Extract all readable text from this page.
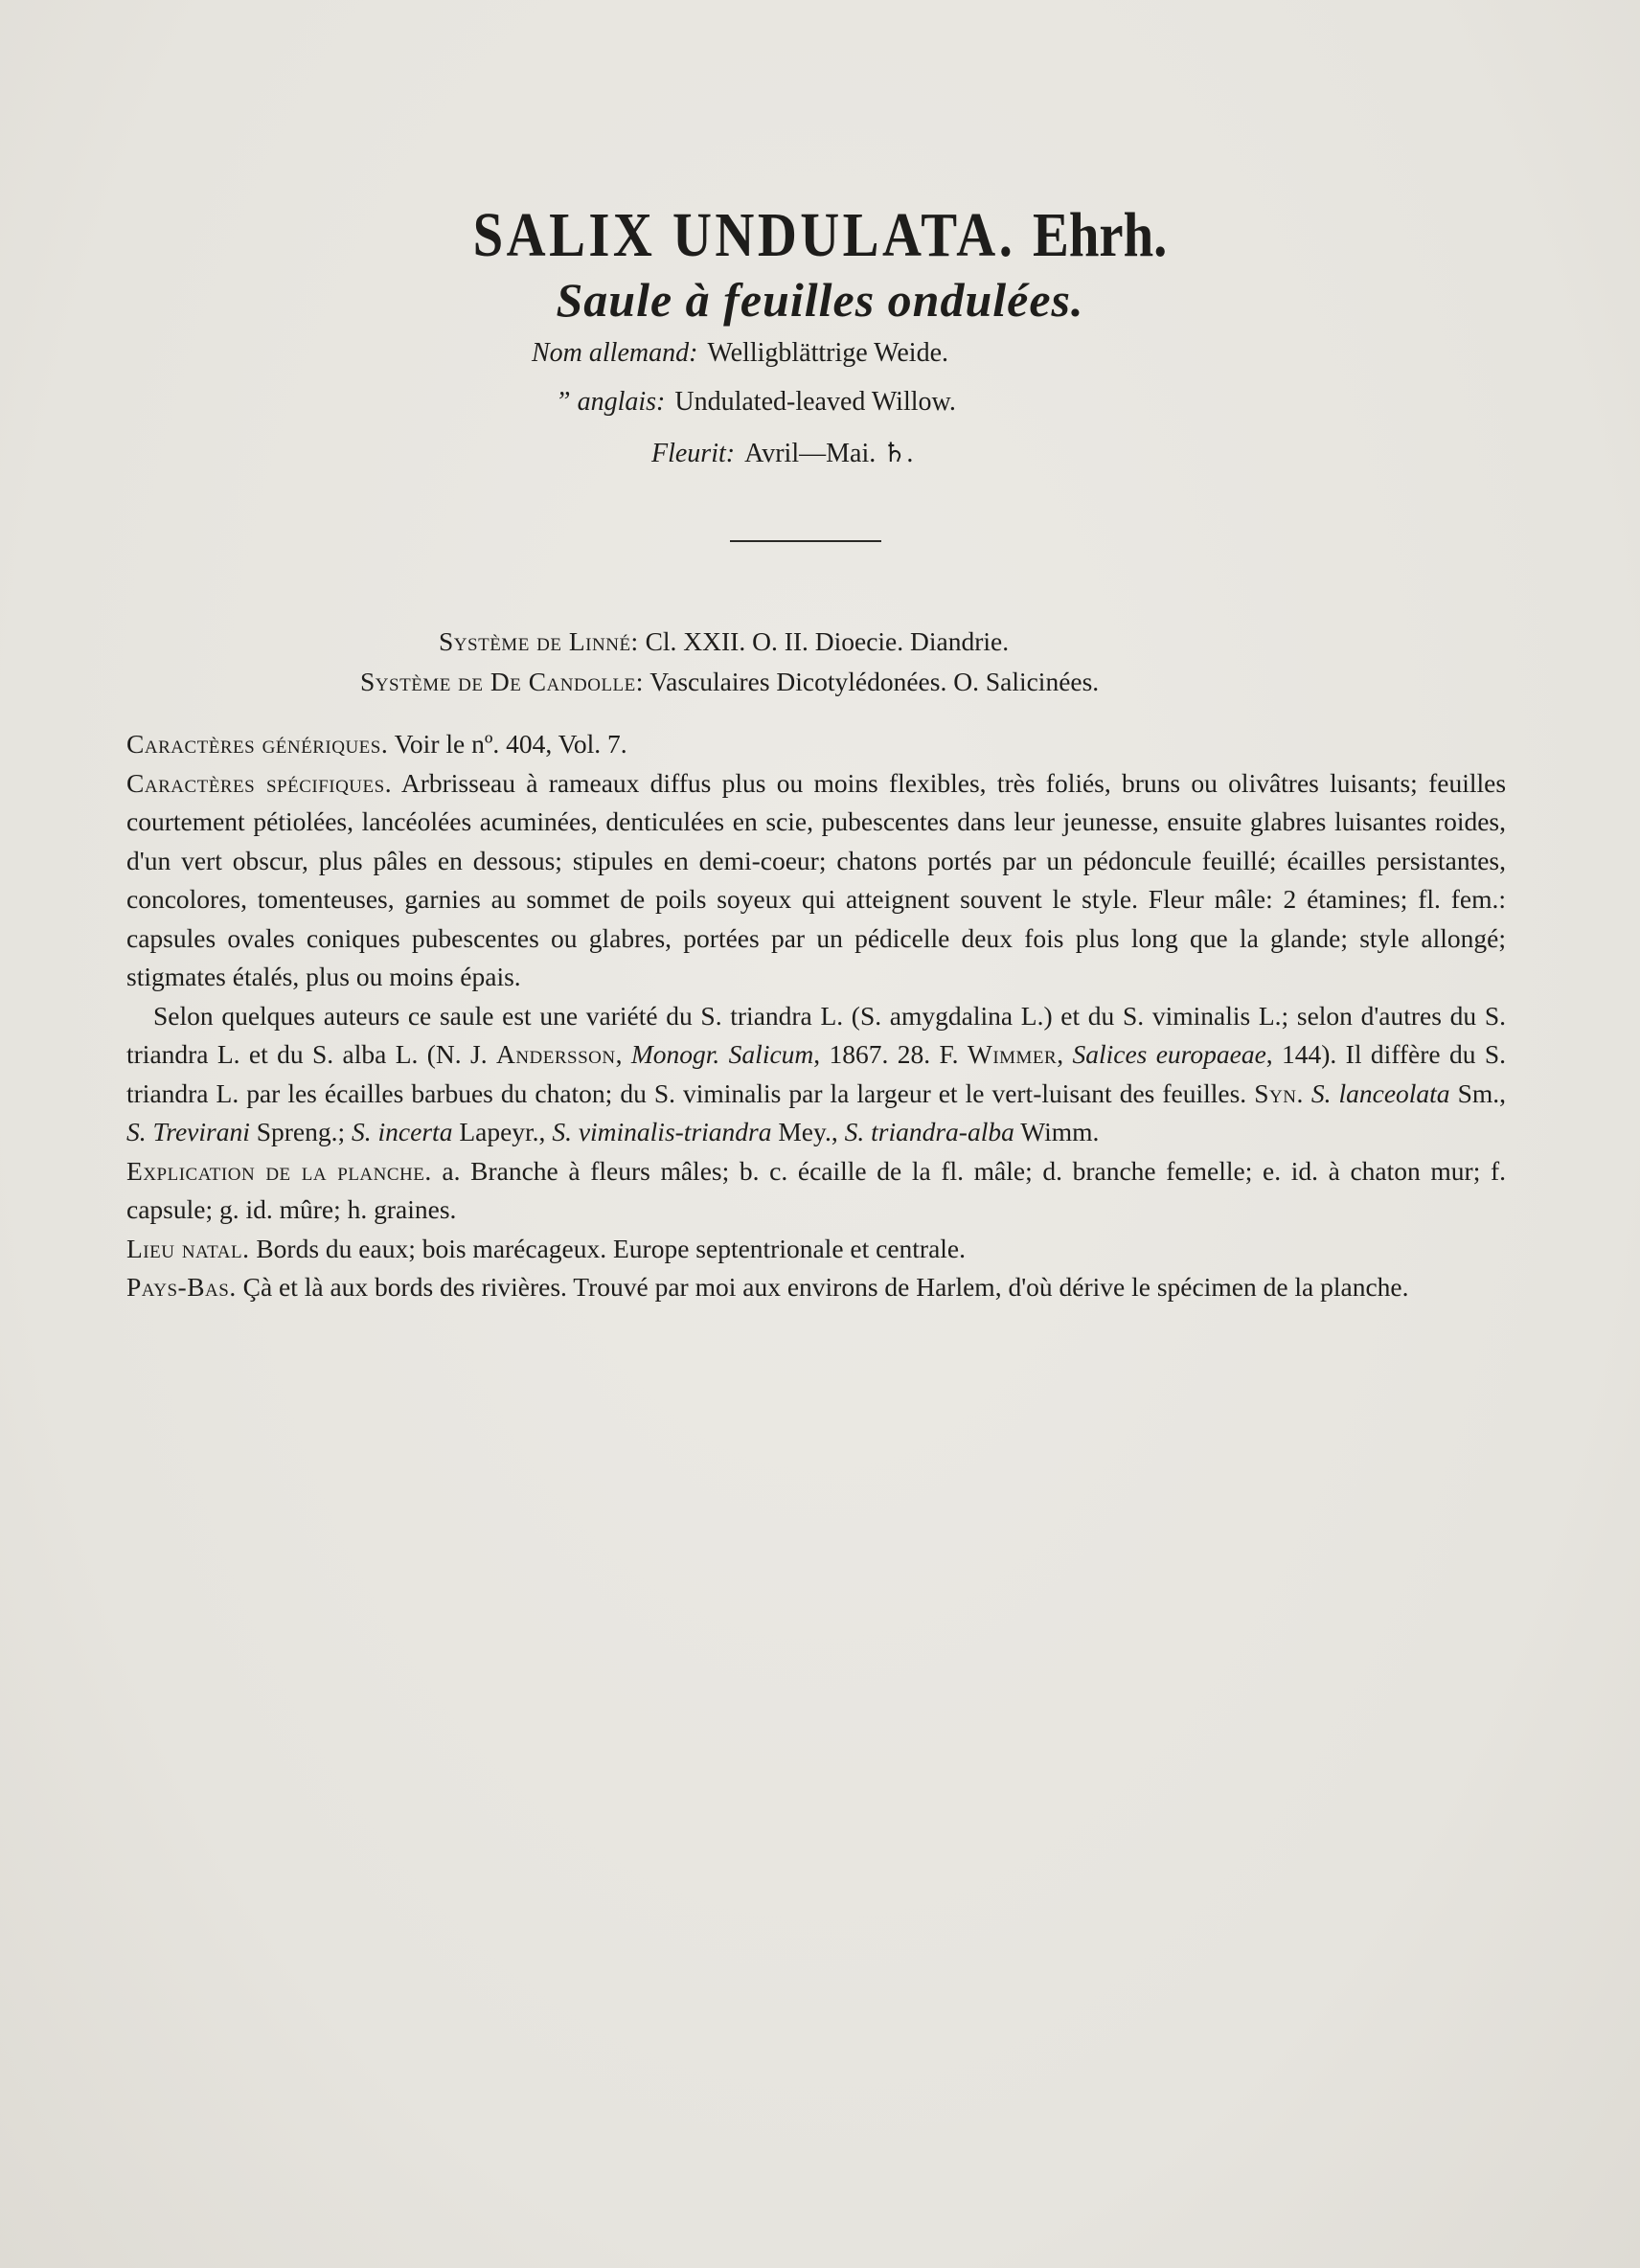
SALIX UNDULATA. Ehrh.
Saule à feuilles ondulées.
Nom allemand: Welligblättrige Weide.
” anglais: Undulated-leaved Willow.
Fleurit: Avril—Mai. ♄.
Système de Linné: Cl. XXII. O. II. Dioecie. Diandrie.
Système de De Candolle: Vasculaires Dicotylédonées. O. Salicinées.

Caractères génériques. Voir le nº. 404, Vol. 7.

Caractères spécifiques. Arbrisseau à rameaux diffus plus ou moins flexibles, très foliés, bruns ou olivâtres luisants; feuilles courtement pétiolées, lancéolées acuminées, denticulées en scie, pubescentes dans leur jeunesse, ensuite glabres luisantes roides, d'un vert obscur, plus pâles en dessous; stipules en demi-coeur; chatons portés par un pédoncule feuillé; écailles persistantes, concolores, tomenteuses, garnies au sommet de poils soyeux qui atteignent souvent le style. Fleur mâle: 2 étamines; fl. fem.: capsules ovales coniques pubescentes ou glabres, portées par un pédicelle deux fois plus long que la glande; style allongé; stigmates étalés, plus ou moins épais.

Selon quelques auteurs ce saule est une variété du S. triandra L. (S. amygdalina L.) et du S. viminalis L.; selon d'autres du S. triandra L. et du S. alba L. (N. J. Andersson, Monogr. Salicum, 1867. 28. F. Wimmer, Salices europaeae, 144). Il diffère du S. triandra L. par les écailles barbues du chaton; du S. viminalis par la largeur et le vert-luisant des feuilles. Syn. S. lanceolata Sm., S. Trevirani Spreng.; S. incerta Lapeyr., S. viminalis-triandra Mey., S. triandra-alba Wimm.

Explication de la planche. a. Branche à fleurs mâles; b. c. écaille de la fl. mâle; d. branche femelle; e. id. à chaton mur; f. capsule; g. id. mûre; h. graines.

Lieu natal. Bords du eaux; bois marécageux. Europe septentrionale et centrale.

Pays-Bas. Çà et là aux bords des rivières. Trouvé par moi aux environs de Harlem, d'où dérive le spécimen de la planche.
